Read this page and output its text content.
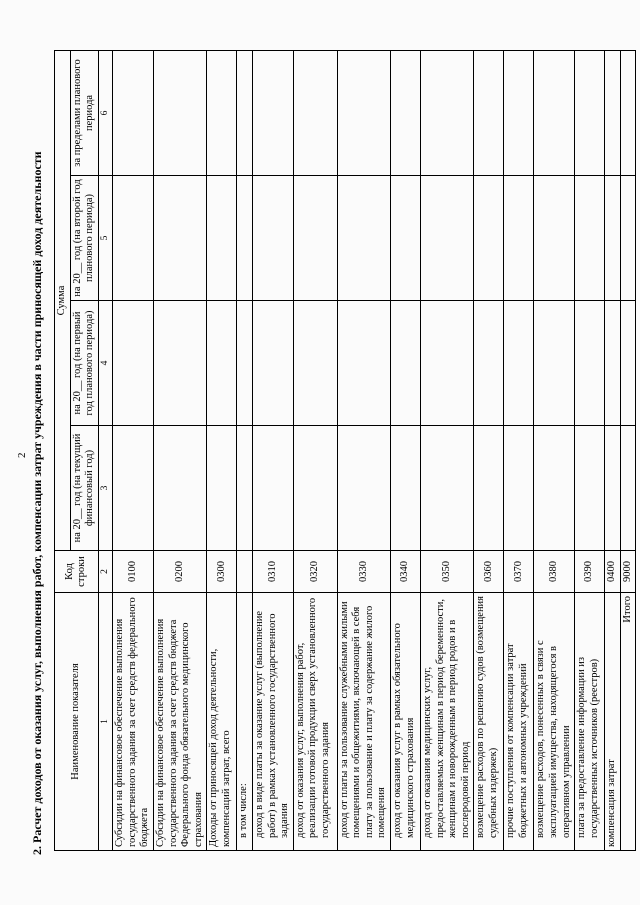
2 2. Расчет доходов от оказания услуг, выполнения работ, компенсации затрат учреждения в части приносящей доход деятельности Наименование показателя	Код строки	Сумма			
		на 20__ год (на текущий финансовый год)	на 20__ год (на первый год планового периода)	на 20__ год (на второй год планового периода)	за пределами планового периода
1	2	3	4	5	6
Субсидии на финансовое обеспечение выполнения государственного задания за счет средств федерального бюджета	0100				
Субсидии на финансовое обеспечение выполнения государственного задания за счет средств бюджета Федерального фонда обязательного медицинского страхования	0200				
Доходы от приносящей доход деятельности, компенсаций затрат, всего	0300				
в том числе:					
доход в виде платы за оказание услуг (выполнение работ) в рамках установленного государственного задания	0310				
доход от оказания услуг, выполнения работ, реализации готовой продукции сверх установленного государственного задания	0320				
доход от платы за пользование служебными жилыми помещениями и общежитиями, включающей в себя плату за пользование и плату за содержание жилого помещения	0330				
доход от оказания услуг в рамках обязательного медицинского страхования	0340				
доход от оказания медицинских услуг, предоставляемых женщинам в период беременности, женщинам и новорожденным в период родов и в послеродовой период	0350				
возмещение расходов по решению судов (возмещения судебных издержек)	0360				
прочие поступления от компенсации затрат бюджетных и автономных учреждений	0370				
возмещение расходов, понесенных в связи с эксплуатацией имущества, находящегося в оперативном управлении	0380				
плата за предоставление информации из государственных источников (реестров)	0390				
компенсация затрат	0400				
Итого	9000				
